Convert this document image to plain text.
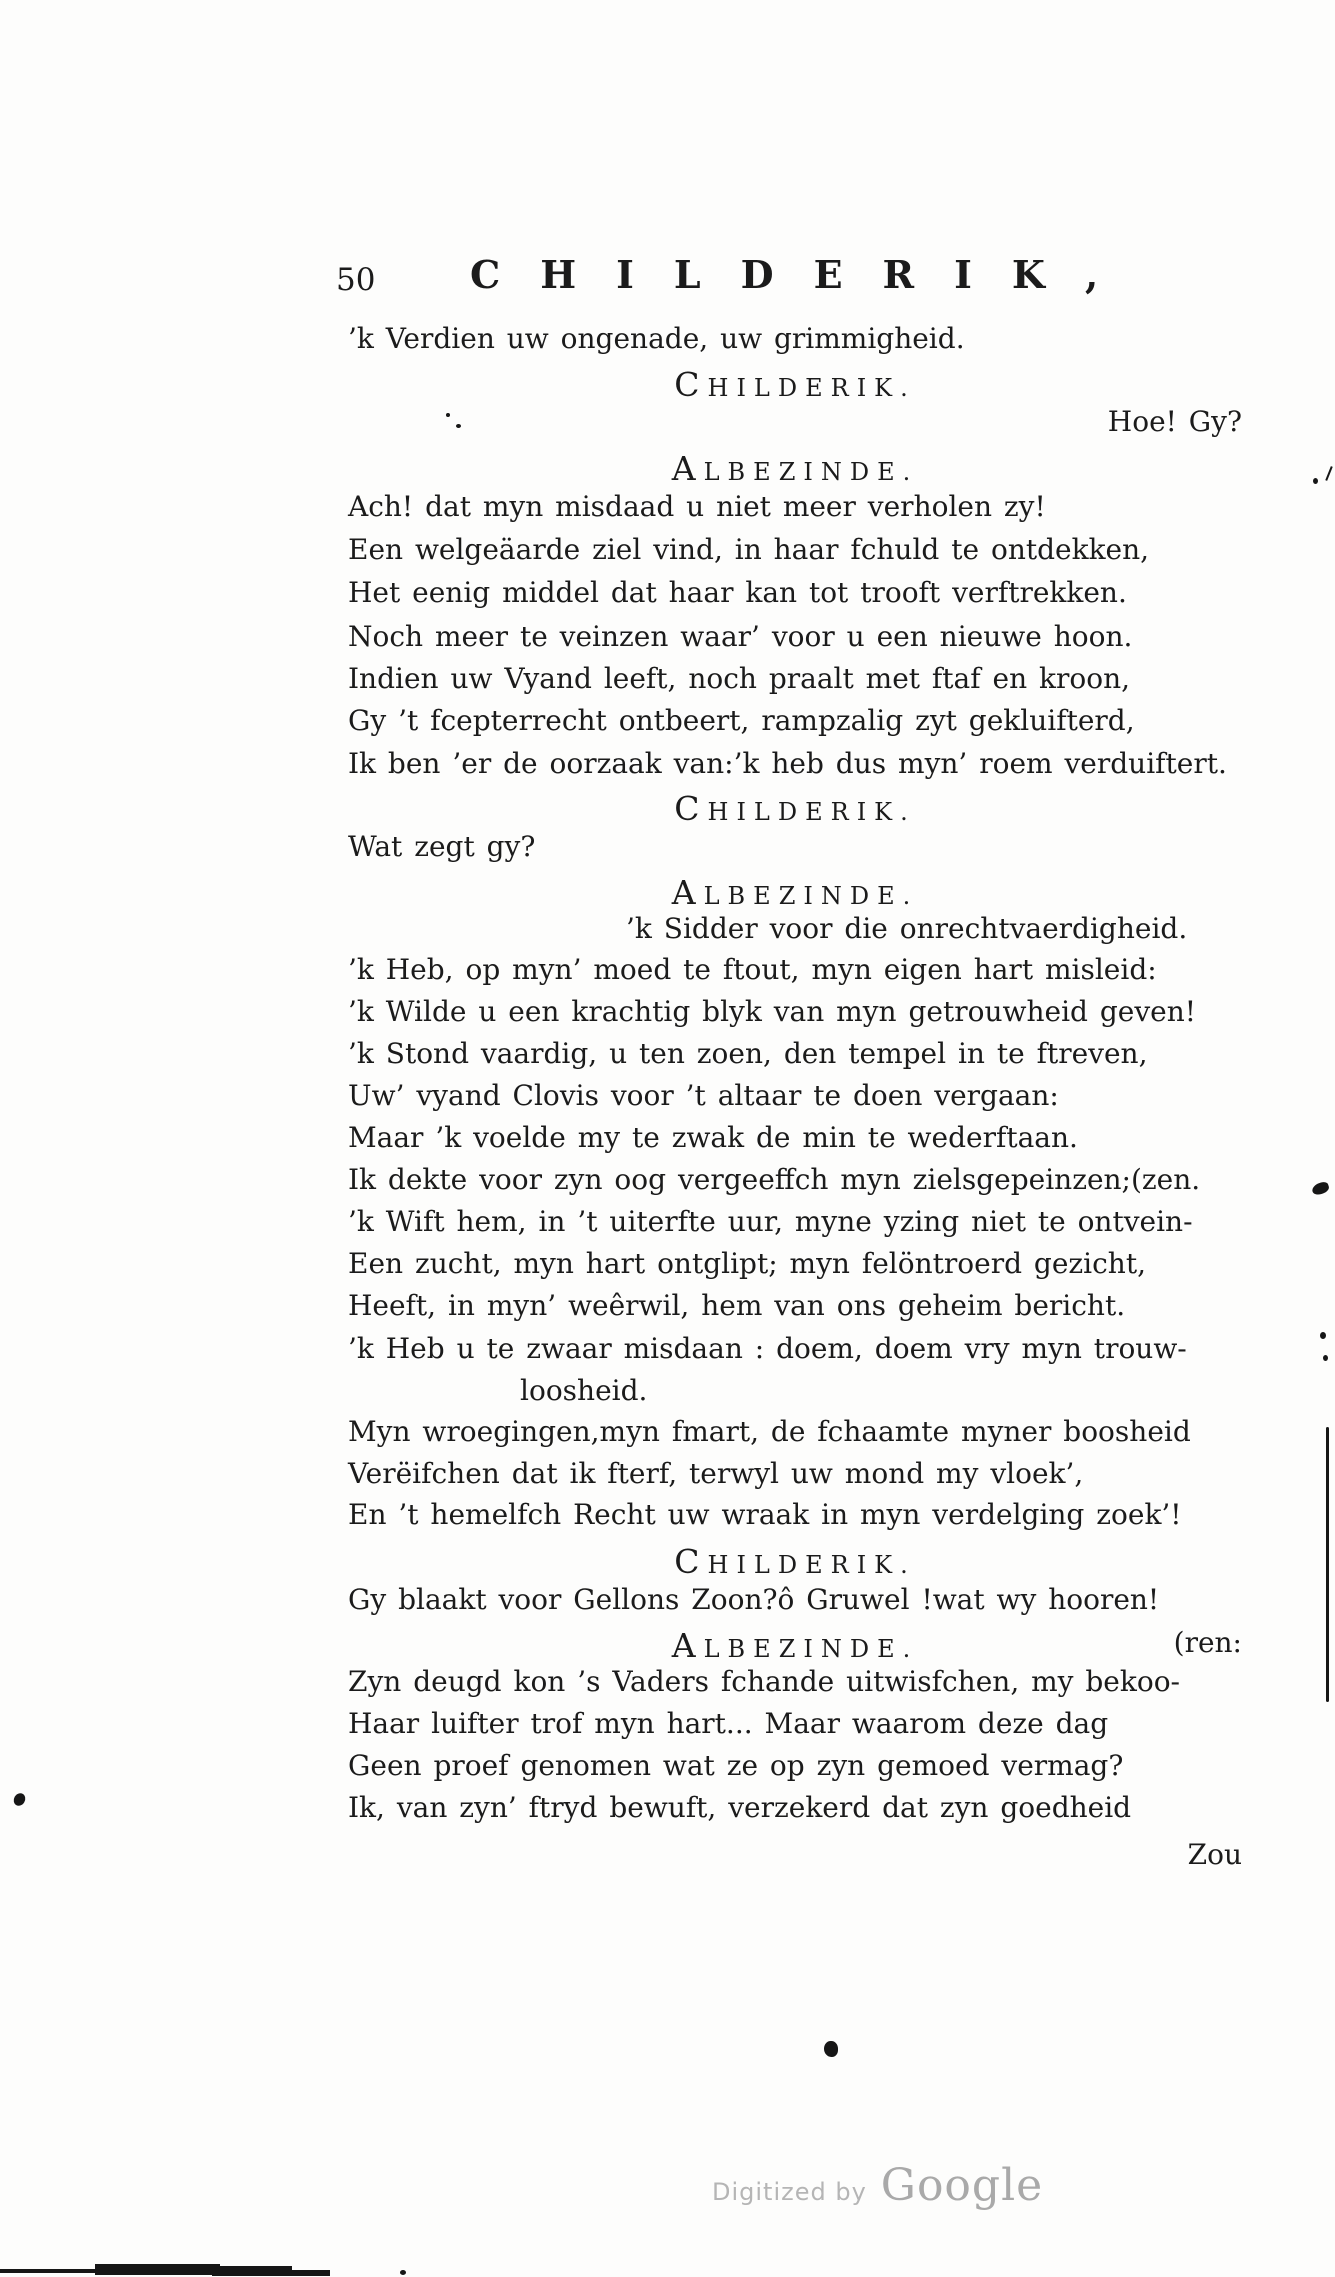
50 CHILDERIK,
’k Verdien uw ongenade, uw grimmigheid.
CHILDERIK.
Hoe! Gy?
ALBEZINDE.
Ach! dat myn misdaad u niet meer verholen zy!
Een welgeäarde ziel vind, in haar fchuld te ontdekken,
Het eenig middel dat haar kan tot trooft verftrekken.
Noch meer te veinzen waar’ voor u een nieuwe hoon.
Indien uw Vyand leeft, noch praalt met ftaf en kroon,
Gy ’t fcepterrecht ontbeert, rampzalig zyt gekluifterd,
Ik ben ’er de oorzaak van:’k heb dus myn’ roem verduiftert.
CHILDERIK.
Wat zegt gy?
ALBEZINDE.
’k Sidder voor die onrechtvaerdigheid.
’k Heb, op myn’ moed te ftout, myn eigen hart misleid:
’k Wilde u een krachtig blyk van myn getrouwheid geven!
’k Stond vaardig, u ten zoen, den tempel in te ftreven,
Uw’ vyand Clovis voor ’t altaar te doen vergaan:
Maar ’k voelde my te zwak de min te wederftaan.
Ik dekte voor zyn oog vergeeffch myn zielsgepeinzen;(zen.
’k Wift hem, in ’t uiterfte uur, myne yzing niet te ontvein-
Een zucht, myn hart ontglipt; myn felöntroerd gezicht,
Heeft, in myn’ weêrwil, hem van ons geheim bericht.
’k Heb u te zwaar misdaan : doem, doem vry myn trouw-
loosheid.
Myn wroegingen,myn fmart, de fchaamte myner boosheid
Verëifchen dat ik fterf, terwyl uw mond my vloek’,
En ’t hemelfch Recht uw wraak in myn verdelging zoek’!
CHILDERIK.
Gy blaakt voor Gellons Zoon?ô Gruwel !wat wy hooren!
ALBEZINDE.	(ren:
Zyn deugd kon ’s Vaders fchande uitwisfchen, my bekoo-
Haar luifter trof myn hart... Maar waarom deze dag
Geen proef genomen wat ze op zyn gemoed vermag?
Ik, van zyn’ ftryd bewuft, verzekerd dat zyn goedheid
Zou
Digitized by Google
